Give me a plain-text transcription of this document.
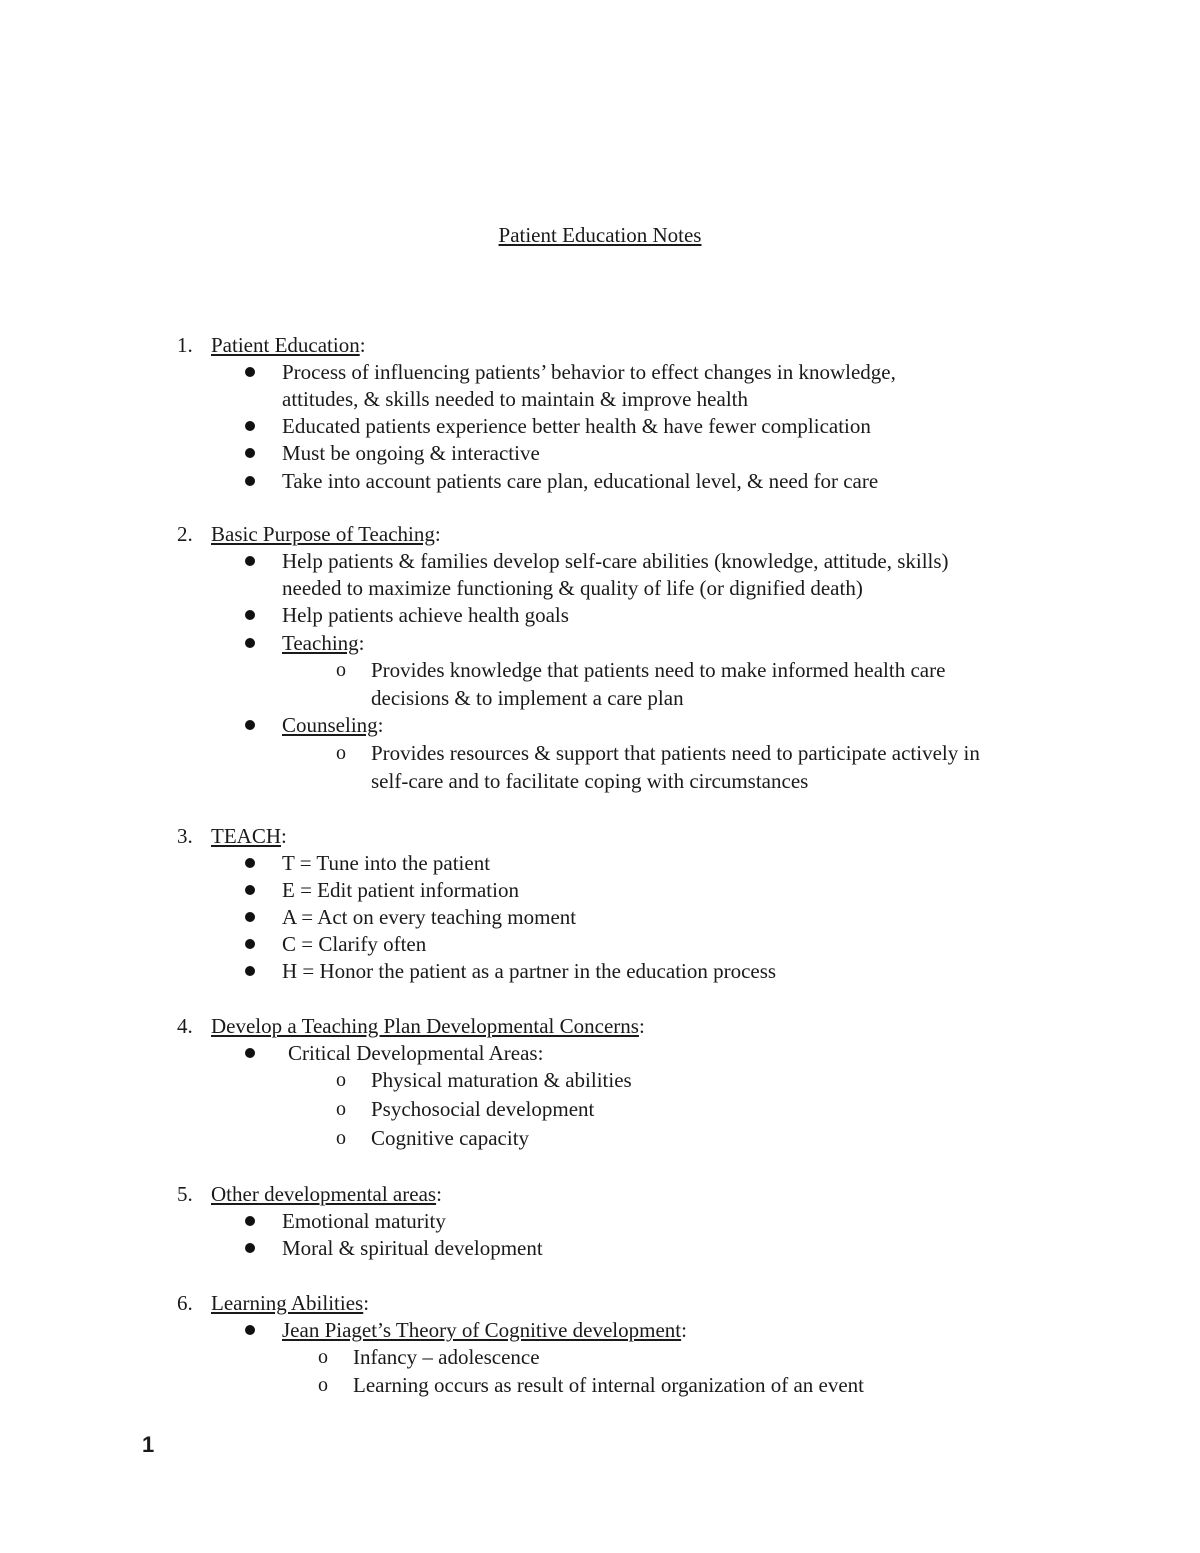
Patient Education Notes
1. Patient Education:
Process of influencing patients’ behavior to effect changes in knowledge,
attitudes, & skills needed to maintain & improve health
Educated patients experience better health & have fewer complication
Must be ongoing & interactive
Take into account patients care plan, educational level, & need for care
2. Basic Purpose of Teaching:
Help patients & families develop self-care abilities (knowledge, attitude, skills)
needed to maximize functioning & quality of life (or dignified death)
Help patients achieve health goals
Teaching:
o Provides knowledge that patients need to make informed health care
decisions & to implement a care plan
Counseling:
o Provides resources & support that patients need to participate actively in
self-care and to facilitate coping with circumstances
3. TEACH:
T = Tune into the patient
E = Edit patient information
A = Act on every teaching moment
C = Clarify often
H = Honor the patient as a partner in the education process
4. Develop a Teaching Plan Developmental Concerns:
Critical Developmental Areas:
o Physical maturation & abilities
o Psychosocial development
o Cognitive capacity
5. Other developmental areas:
Emotional maturity
Moral & spiritual development
6. Learning Abilities:
Jean Piaget’s Theory of Cognitive development:
o Infancy – adolescence
o Learning occurs as result of internal organization of an event
1
